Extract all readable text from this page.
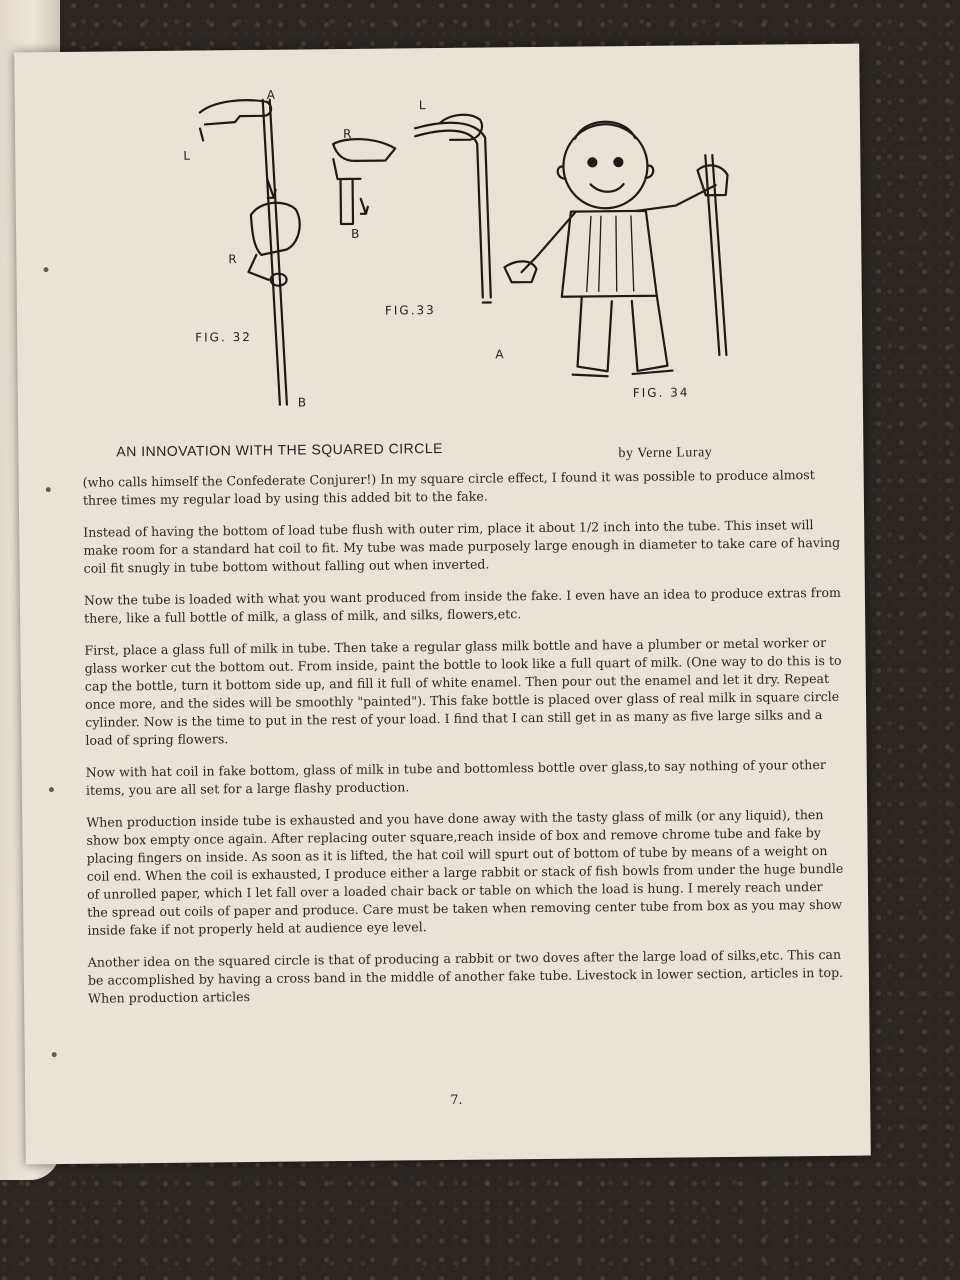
A
L
R
B
FIG. 32
L
R
B
A
FIG.33
FIG. 34
AN INNOVATION WITH THE SQUARED CIRCLE	by Verne Luray

(who calls himself the Confederate Conjurer!) In my square circle effect, I found it was possible to produce almost three times my regular load by using this added bit to the fake.

Instead of having the bottom of load tube flush with outer rim, place it about 1/2 inch into the tube. This inset will make room for a standard hat coil to fit. My tube was made purposely large enough in diameter to take care of having coil fit snugly in tube bottom without falling out when inverted.

Now the tube is loaded with what you want produced from inside the fake. I even have an idea to produce extras from there, like a full bottle of milk, a glass of milk, and silks, flowers,etc.

First, place a glass full of milk in tube. Then take a regular glass milk bottle and have a plumber or metal worker or glass worker cut the bottom out. From inside, paint the bottle to look like a full quart of milk. (One way to do this is to cap the bottle, turn it bottom side up, and fill it full of white enamel. Then pour out the enamel and let it dry. Repeat once more, and the sides will be smoothly "painted"). This fake bottle is placed over glass of real milk in square circle cylinder. Now is the time to put in the rest of your load. I find that I can still get in as many as five large silks and a load of spring flowers.

Now with hat coil in fake bottom, glass of milk in tube and bottomless bottle over glass,to say nothing of your other items, you are all set for a large flashy production.

When production inside tube is exhausted and you have done away with the tasty glass of milk (or any liquid), then show box empty once again. After replacing outer square,reach inside of box and remove chrome tube and fake by placing fingers on inside. As soon as it is lifted, the hat coil will spurt out of bottom of tube by means of a weight on coil end. When the coil is exhausted, I produce either a large rabbit or stack of fish bowls from under the huge bundle of unrolled paper, which I let fall over a loaded chair back or table on which the load is hung. I merely reach under the spread out coils of paper and produce. Care must be taken when removing center tube from box as you may show inside fake if not properly held at audience eye level.

Another idea on the squared circle is that of producing a rabbit or two doves after the large load of silks,etc. This can be accomplished by having a cross band in the middle of another fake tube. Livestock in lower section, articles in top. When production articles

7.
